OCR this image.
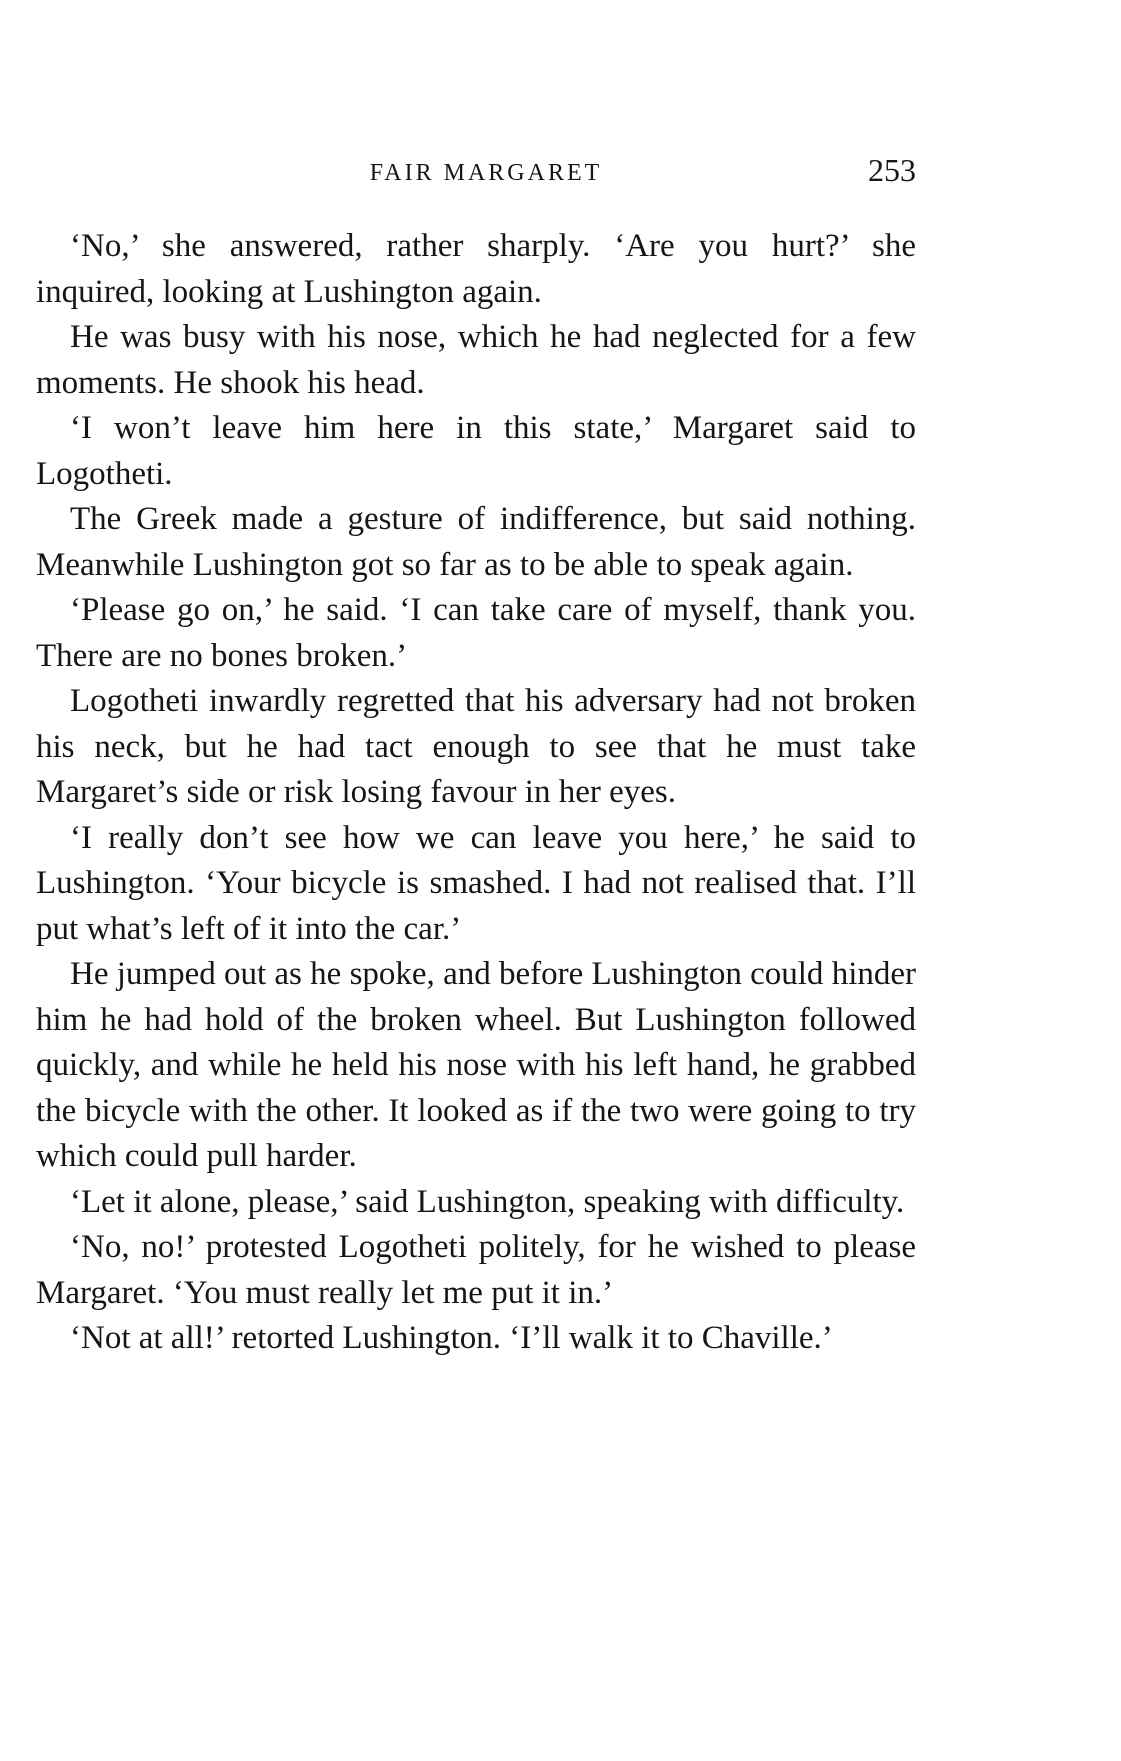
FAIR MARGARET	253

‘No,’ she answered, rather sharply. ‘Are you hurt?’ she inquired, looking at Lushington again.

He was busy with his nose, which he had neglected for a few moments. He shook his head.

‘I won’t leave him here in this state,’ Margaret said to Logotheti.

The Greek made a gesture of indifference, but said nothing. Meanwhile Lushington got so far as to be able to speak again.

‘Please go on,’ he said. ‘I can take care of myself, thank you. There are no bones broken.’

Logotheti inwardly regretted that his adversary had not broken his neck, but he had tact enough to see that he must take Margaret’s side or risk losing favour in her eyes.

‘I really don’t see how we can leave you here,’ he said to Lushington. ‘Your bicycle is smashed. I had not realised that. I’ll put what’s left of it into the car.’

He jumped out as he spoke, and before Lushington could hinder him he had hold of the broken wheel. But Lushington followed quickly, and while he held his nose with his left hand, he grabbed the bicycle with the other. It looked as if the two were going to try which could pull harder.

‘Let it alone, please,’ said Lushington, speaking with difficulty.

‘No, no!’ protested Logotheti politely, for he wished to please Margaret. ‘You must really let me put it in.’

‘Not at all!’ retorted Lushington. ‘I’ll walk it to Chaville.’
